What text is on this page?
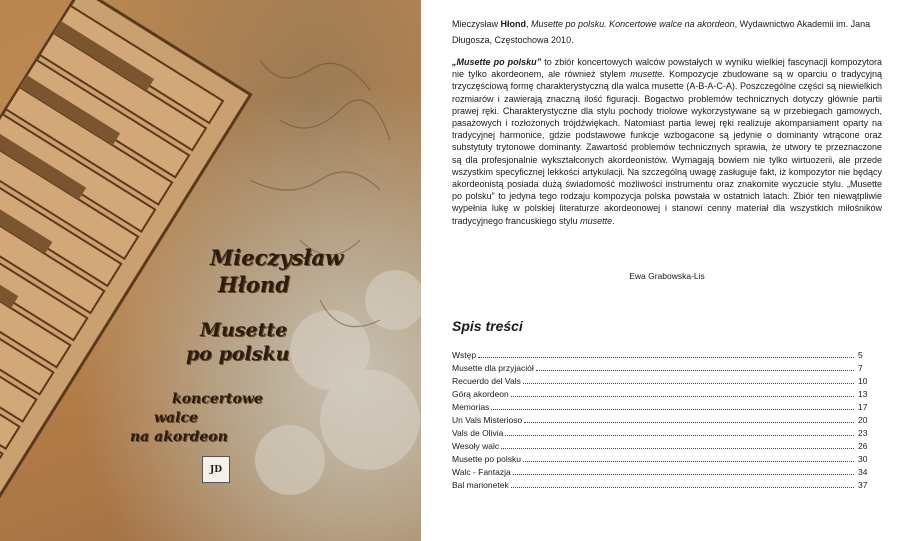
Mieczysław
Hłond
Musette
po polsku
koncertowe
walce
na akordeon
JD
Mieczysław Hłond, Musette po polsku. Koncertowe walce na akordeon, Wydawnictwo Akademii im. Jana Długosza, Częstochowa 2010.
„Musette po polsku” to zbiór koncertowych walców powstałych w wyniku wielkiej fascynacji kompozytora nie tylko akordeonem, ale również stylem musette. Kompozycje zbudowane są w oparciu o tradycyjną trzyczęściową formę charakterystyczną dla walca musette (A-B-A-C-A). Poszczególne części są niewielkich rozmiarów i zawierają znaczną ilość figuracji. Bogactwo problemów technicznych dotyczy głównie partii prawej ręki. Charakterystyczne dla stylu pochody triolowe wykorzystywane są w przebiegach gamowych, pasażowych i rozłożonych trójdźwiękach. Natomiast partia lewej ręki realizuje akompaniament oparty na tradycyjnej harmonice, gdzie podstawowe funkcje wzbogacone są jedynie o dominanty wtrącone oraz substytuty trytonowe dominanty. Zawartość problemów technicznych sprawia, że utwory te przeznaczone są dla profesjonalnie wykształconych akordeonistów. Wymagają bowiem nie tylko wirtuozerii, ale przede wszystkim specyficznej lekkości artykulacji. Na szczególną uwagę zasługuje fakt, iż kompozytor nie będący akordeonistą posiada dużą świadomość możliwości instrumentu oraz znakomite wyczucie stylu. „Musette po polsku” to jedyna tego rodzaju kompozycja polska powstała w ostatnich latach. Zbiór ten niewątpliwie wypełnia lukę w polskiej literaturze akordeonowej i stanowi cenny materiał dla wszystkich miłośników tradycyjnego francuskiego stylu musette.
Ewa Grabowska-Lis
Spis treści
Wstęp	5
Musette dla przyjaciół	7
Recuerdo del Vals	10
Górą akordeon	13
Memorias	17
Un Vals Misterioso	20
Vals de Olivia	23
Wesoły walc	26
Musette po polsku	30
Walc - Fantazja	34
Bal marionetek	37
